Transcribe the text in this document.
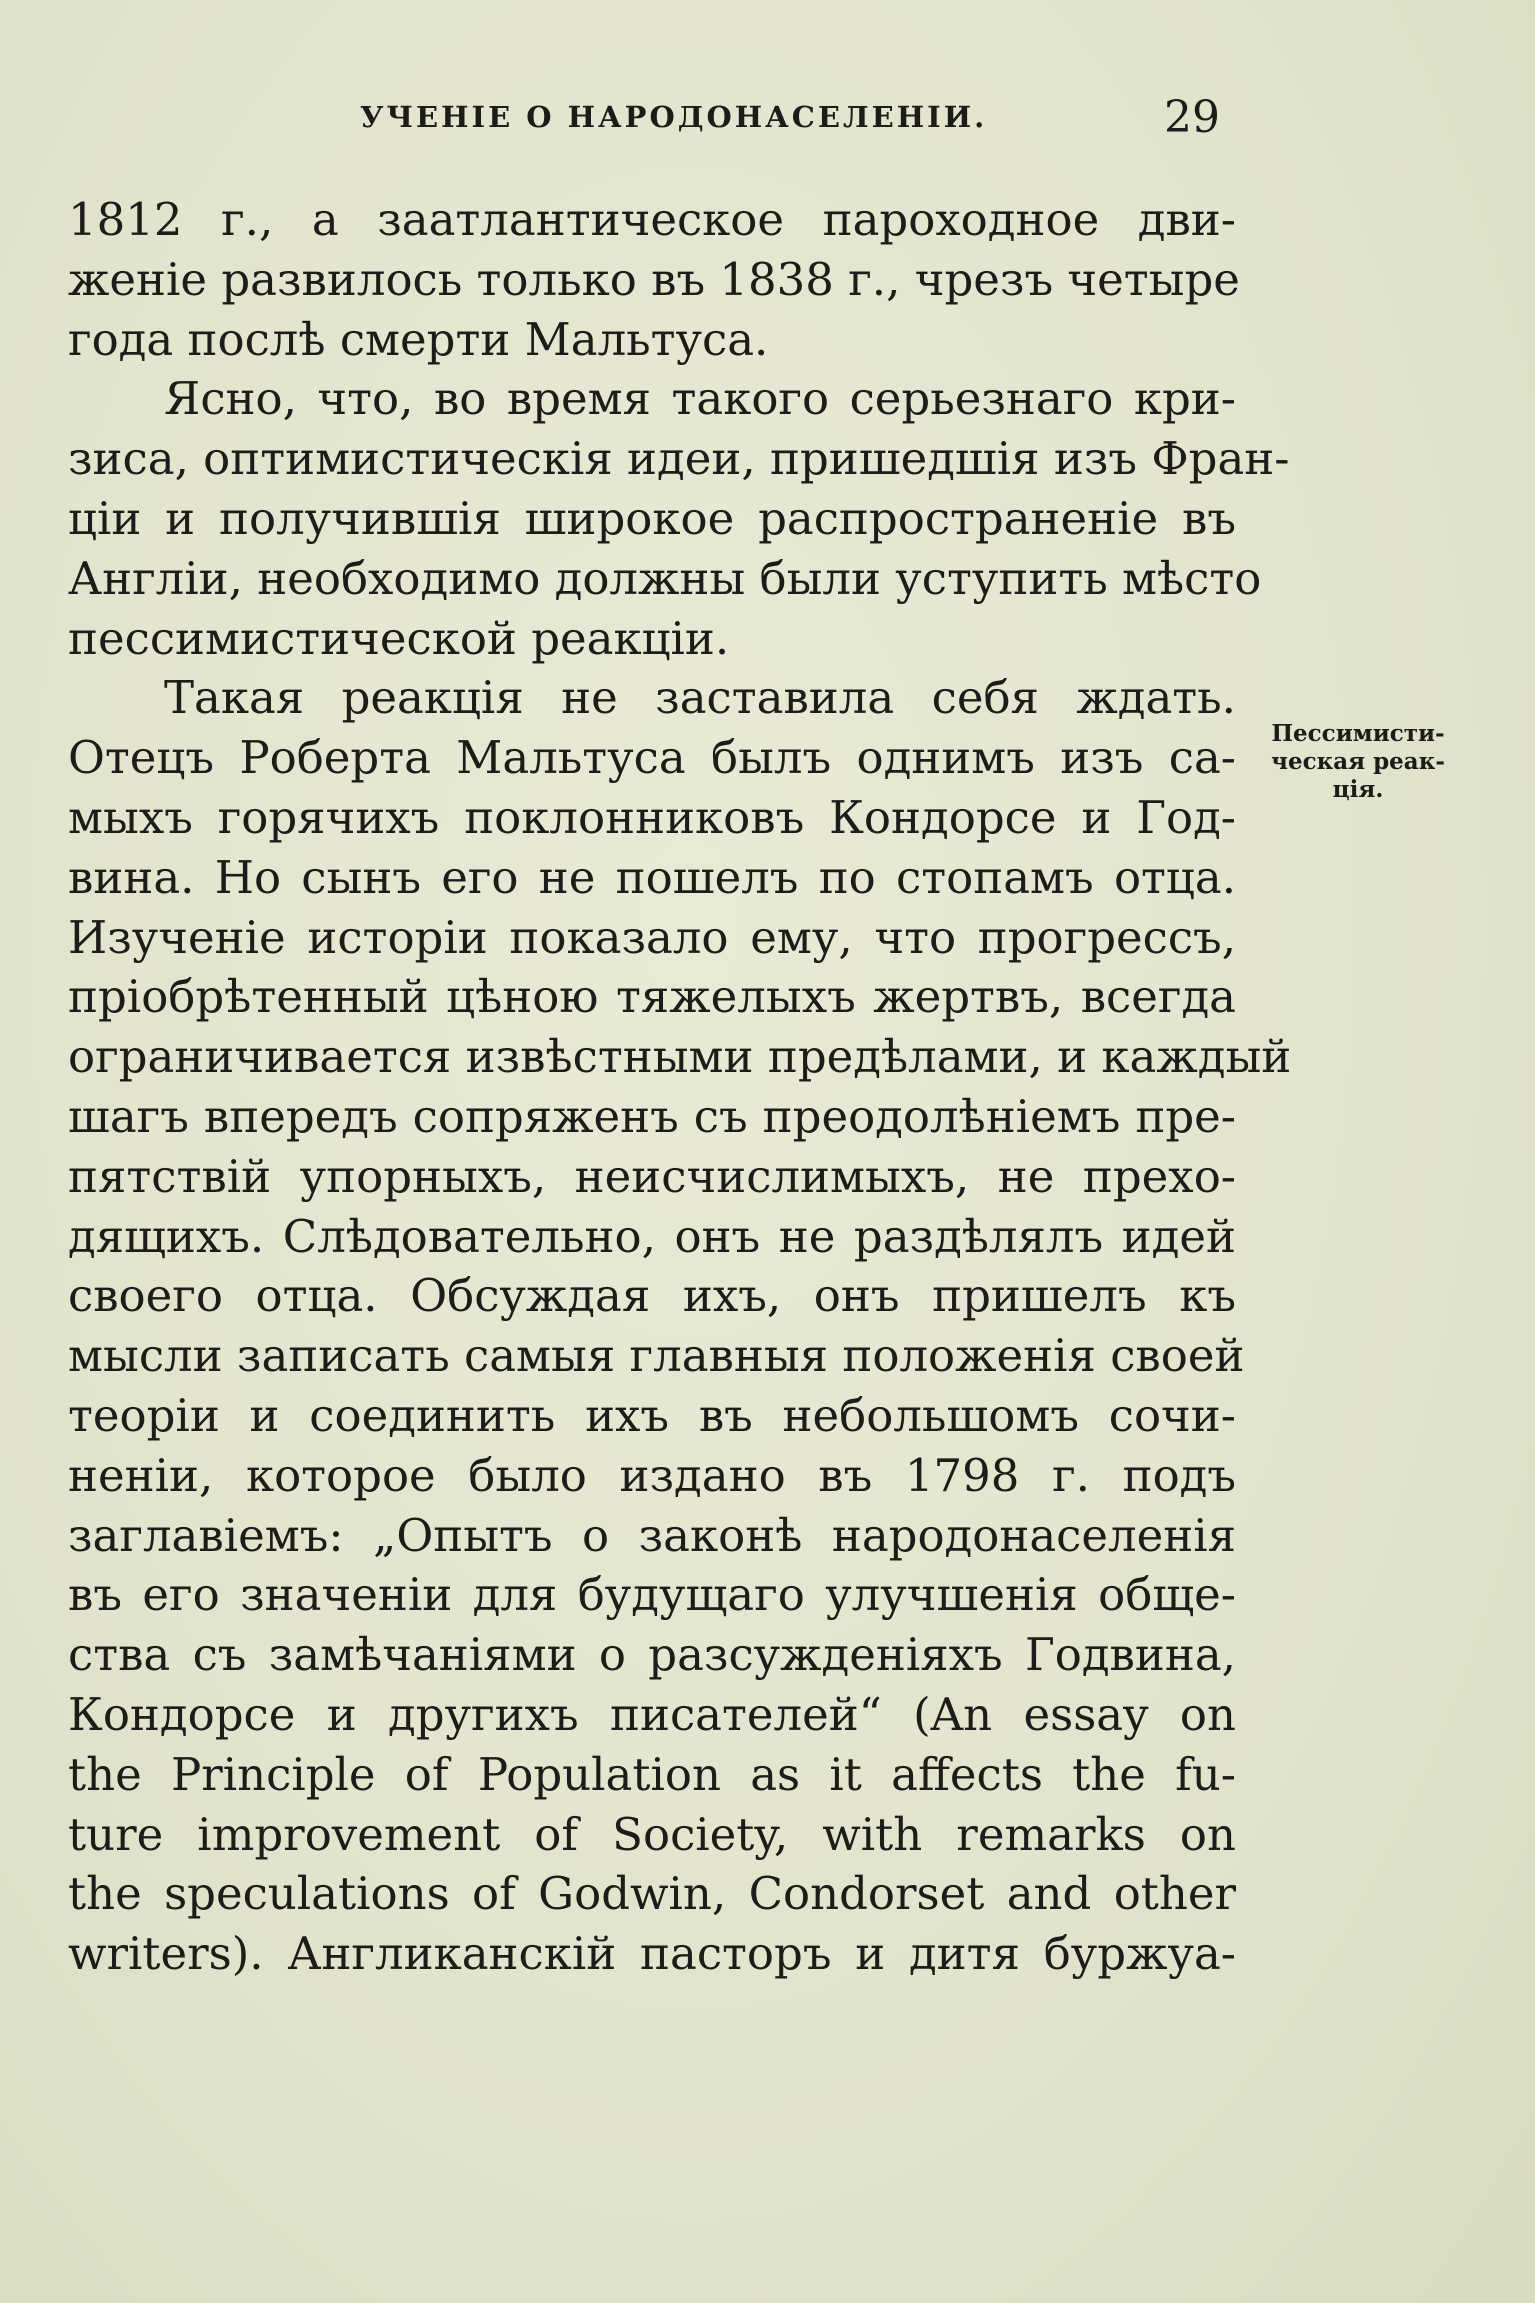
УЧЕНІЕ О НАРОДОНАСЕЛЕНІИ.	29
1812 г., а заатлантическое пароходное дви-
женіе развилось только въ 1838 г., чрезъ четыре
года послѣ смерти Мальтуса.
Ясно, что, во время такого серьезнаго кри-
зиса, оптимистическія идеи, пришедшія изъ Фран-
ціи и получившія широкое распространеніе въ
Англіи, необходимо должны были уступить мѣсто
пессимистической реакціи.
Такая реакція не заставила себя ждать.
Отецъ Роберта Мальтуса былъ однимъ изъ са-
мыхъ горячихъ поклонниковъ Кондорсе и Год-
вина. Но сынъ его не пошелъ по стопамъ отца.
Изученіе исторіи показало ему, что прогрессъ,
пріобрѣтенный цѣною тяжелыхъ жертвъ, всегда
ограничивается извѣстными предѣлами, и каждый
шагъ впередъ сопряженъ съ преодолѣніемъ пре-
пятствій упорныхъ, неисчислимыхъ, не прехо-
дящихъ. Слѣдовательно, онъ не раздѣлялъ идей
своего отца. Обсуждая ихъ, онъ пришелъ къ
мысли записать самыя главныя положенія своей
теоріи и соединить ихъ въ небольшомъ сочи-
неніи, которое было издано въ 1798 г. подъ
заглавіемъ: „Опытъ о законѣ народонаселенія
въ его значеніи для будущаго улучшенія обще-
ства съ замѣчаніями о разсужденіяхъ Годвина,
Кондорсе и другихъ писателей“ (An essay on
the Principle of Population as it affects the fu-
ture improvement of Society, with remarks on
the speculations of Godwin, Condorset and other
writers). Англиканскій пасторъ и дитя буржуа-
Пессимисти-
ческая реак-
ція.
